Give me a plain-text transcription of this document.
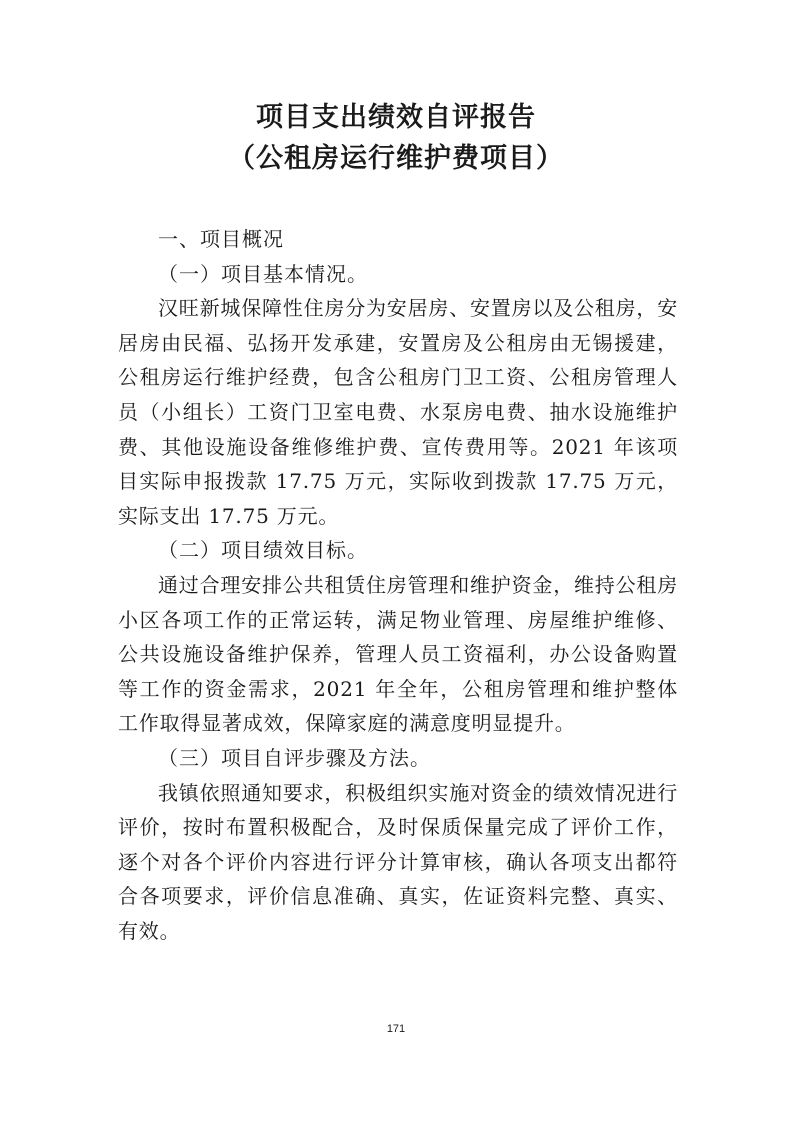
项目支出绩效自评报告
（公租房运行维护费项目）

一、项目概况

（一）项目基本情况。

汉旺新城保障性住房分为安居房、安置房以及公租房，安居房由民福、弘扬开发承建，安置房及公租房由无锡援建，公租房运行维护经费，包含公租房门卫工资、公租房管理人员（小组长）工资门卫室电费、水泵房电费、抽水设施维护费、其他设施设备维修维护费、宣传费用等。2021 年该项目实际申报拨款 17.75 万元，实际收到拨款 17.75 万元，实际支出 17.75 万元。

（二）项目绩效目标。

通过合理安排公共租赁住房管理和维护资金，维持公租房小区各项工作的正常运转，满足物业管理、房屋维护维修、公共设施设备维护保养，管理人员工资福利，办公设备购置等工作的资金需求，2021 年全年，公租房管理和维护整体工作取得显著成效，保障家庭的满意度明显提升。

（三）项目自评步骤及方法。

我镇依照通知要求，积极组织实施对资金的绩效情况进行评价，按时布置积极配合，及时保质保量完成了评价工作，逐个对各个评价内容进行评分计算审核，确认各项支出都符合各项要求，评价信息准确、真实，佐证资料完整、真实、有效。

171
